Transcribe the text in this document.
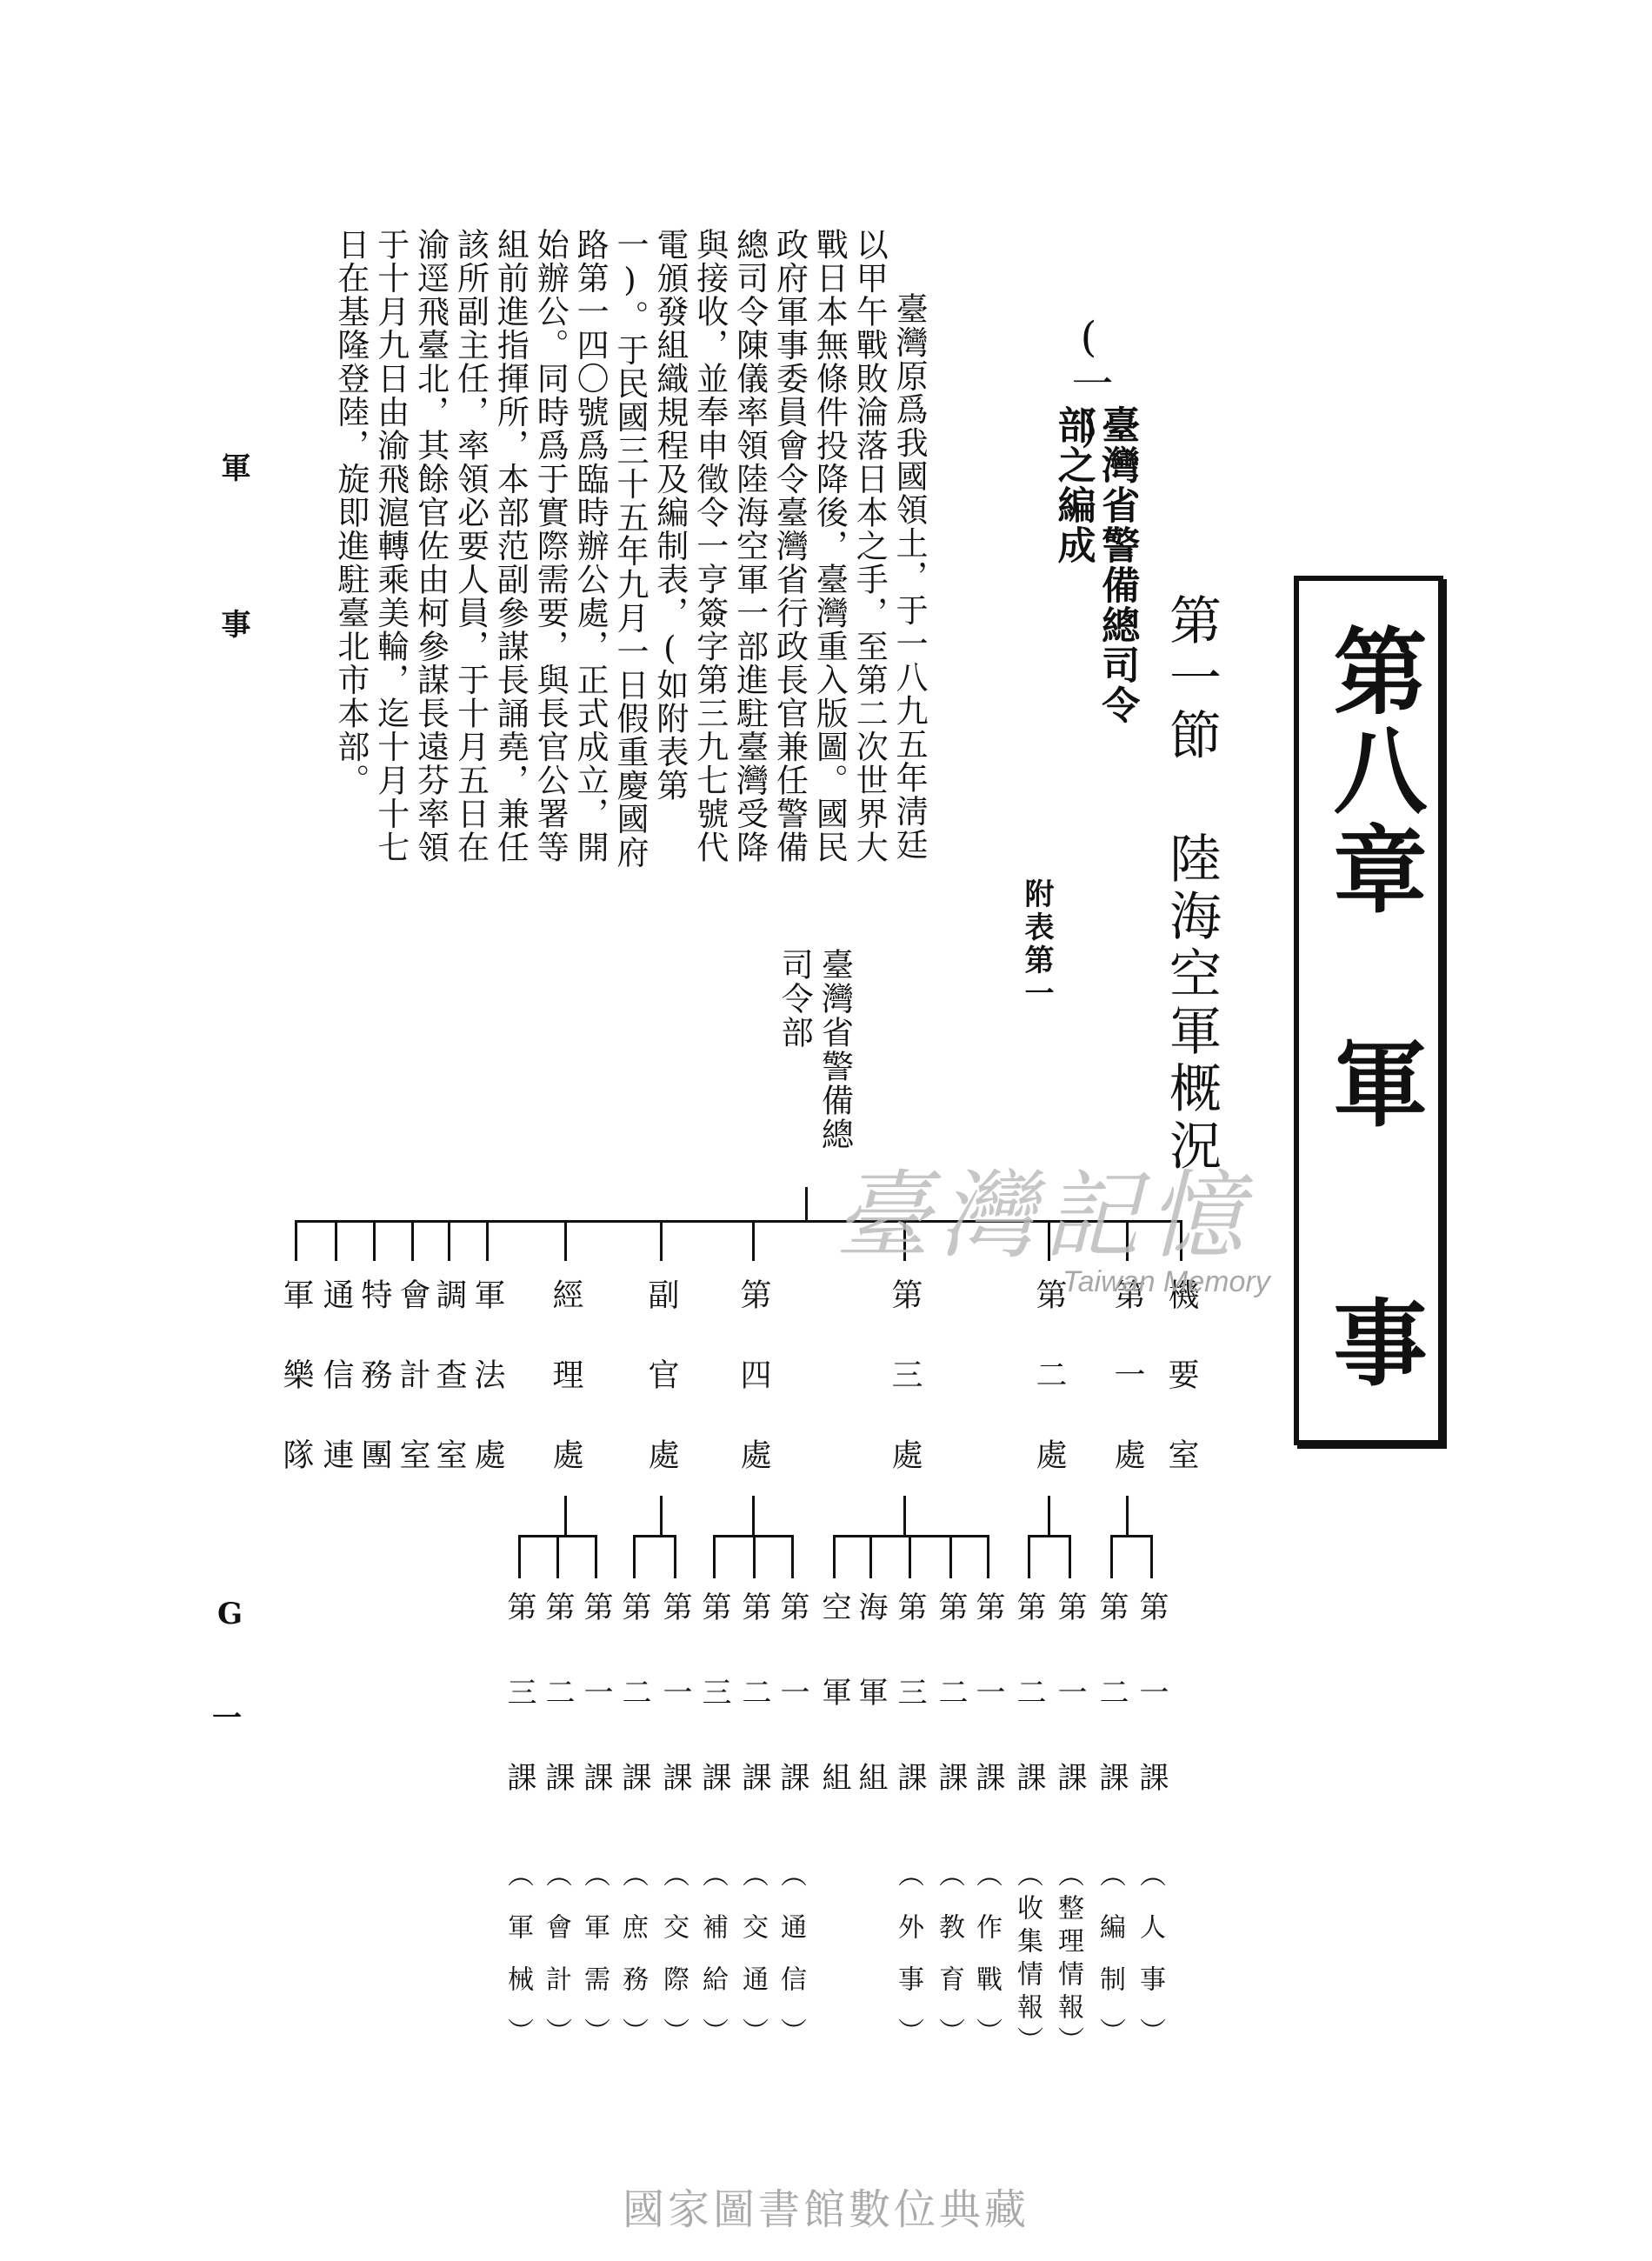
第八章 軍
事
第一節 陸海空軍概況
(一)
臺灣省警備總司令部之編成
附表第一

臺灣原爲我國領土，于一八九五年淸廷以甲午戰敗淪落日本之手，至第二次世界大戰日本無條件投降後，臺灣重入版圖。國民政府軍事委員會令臺灣省行政長官兼任警備總司令陳儀率領陸海空軍一部進駐臺灣受降與接收，並奉申徵令一亨簽字第三九七號代電頒發組織規程及編制表，(如附表第一)。于民國三十五年九月一日假重慶國府路第一四〇號爲臨時辦公處，正式成立，開始辦公。同時爲于實際需要，與長官公署等組前進指揮所，本部范副參謀長誦堯，兼任該所副主任，率領必要人員，于十月五日在渝逕飛臺北，其餘官佐由柯參謀長遠芬率領于十月九日由渝飛滬轉乘美輪，迄十月十七日在基隆登陸，旋即進駐臺北市本部。

軍
事
G
一
臺灣省警備總司令部
機要室
第一處
第二處
第三處
第四處
副官處
經理處
軍法處
調查室
會計室
特務團
通信連
軍樂隊
第一課
（人事）
第二課
（編制）
第一課
（整理情報）
第二課
（收集情報）
第一課
（作戰）
第二課
（教育）
第三課
（外事）
海軍組
空軍組
第一課
（通信）
第二課
（交通）
第三課
（補給）
第一課
（交際）
第二課
（庶務）
第一課
（軍需）
第二課
（會計）
第三課
（軍械）
臺灣記憶
Taiwan Memory
國家圖書館數位典藏
